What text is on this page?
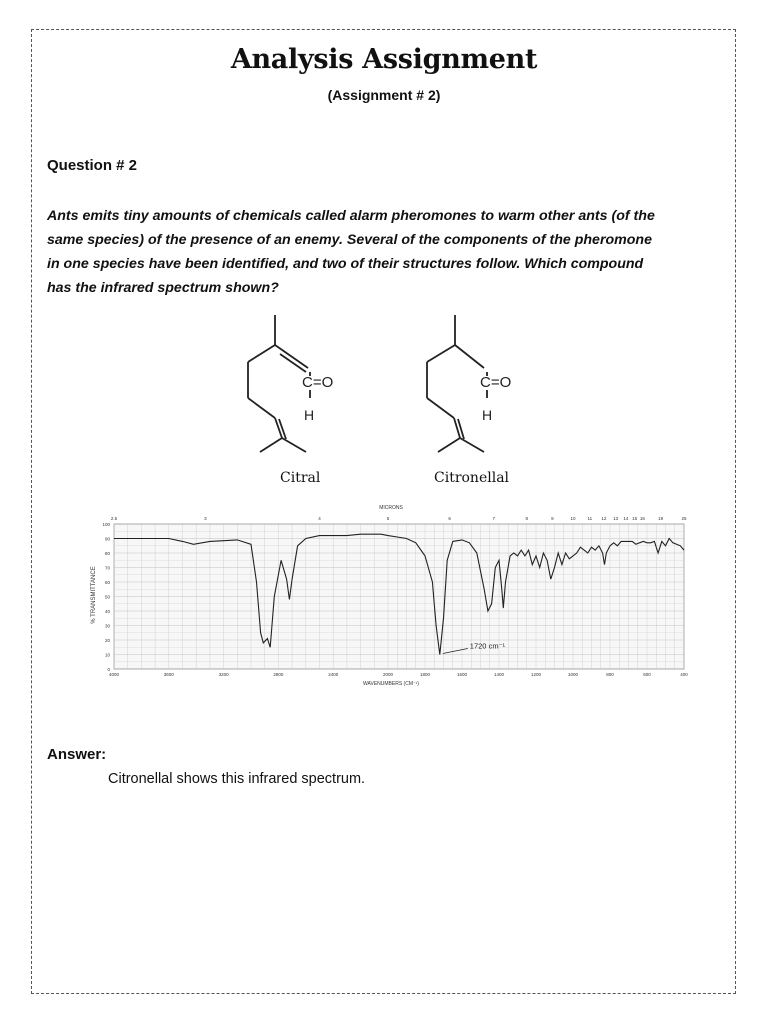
Analysis Assignment
(Assignment # 2)
Question # 2
Ants emits tiny amounts of chemicals called alarm pheromones to warm other ants (of the
same species) of the presence of an enemy. Several of the components of the pheromone
in one species have been identified, and two of their structures follow. Which compound
has the infrared spectrum shown?
C=O
H
C=O
H
Citral	Citronellal
MICRONS
2.5	3	4	5	6	7	8	9	10	11 12 13 14 15 16	19	25
0
10
20
30
40
50
60
70
80
90
100
4000	3600	3200	2800	2400	2000	1800	1600	1400	1200	1000	800	600	400
% TRANSMITTANCE
WAVENUMBERS (CM⁻¹)
1720 cm⁻¹
Answer:
Citronellal shows this infrared spectrum.
